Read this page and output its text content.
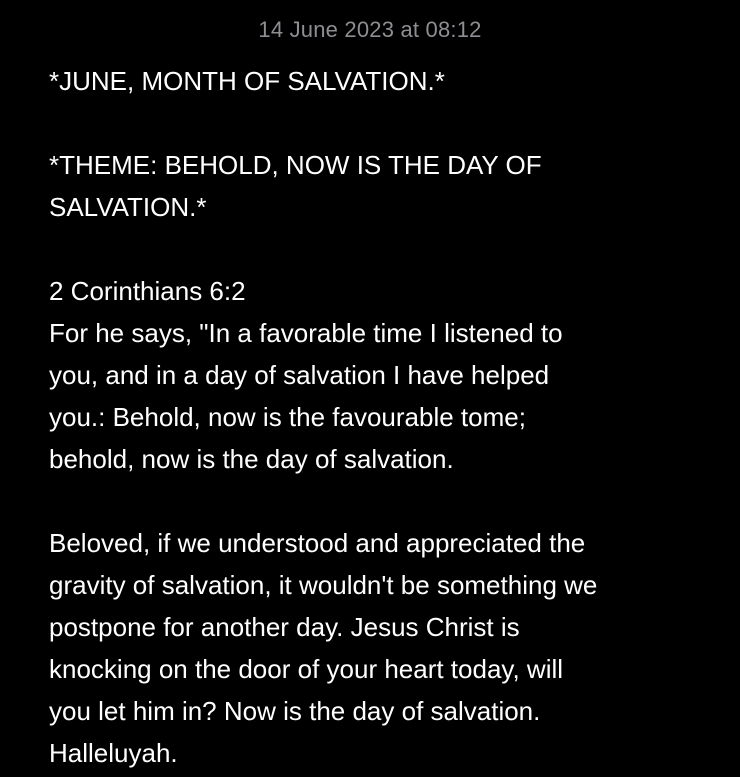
14 June 2023 at 08:12
*JUNE, MONTH OF SALVATION.*
*THEME: BEHOLD, NOW IS THE DAY OF
SALVATION.*
2 Corinthians 6:2
For he says, "In a favorable time I listened to
you, and in a day of salvation I have helped
you.: Behold, now is the favourable tome;
behold, now is the day of salvation.
Beloved, if we understood and appreciated the
gravity of salvation, it wouldn't be something we
postpone for another day. Jesus Christ is
knocking on the door of your heart today, will
you let him in? Now is the day of salvation.
Halleluyah.
